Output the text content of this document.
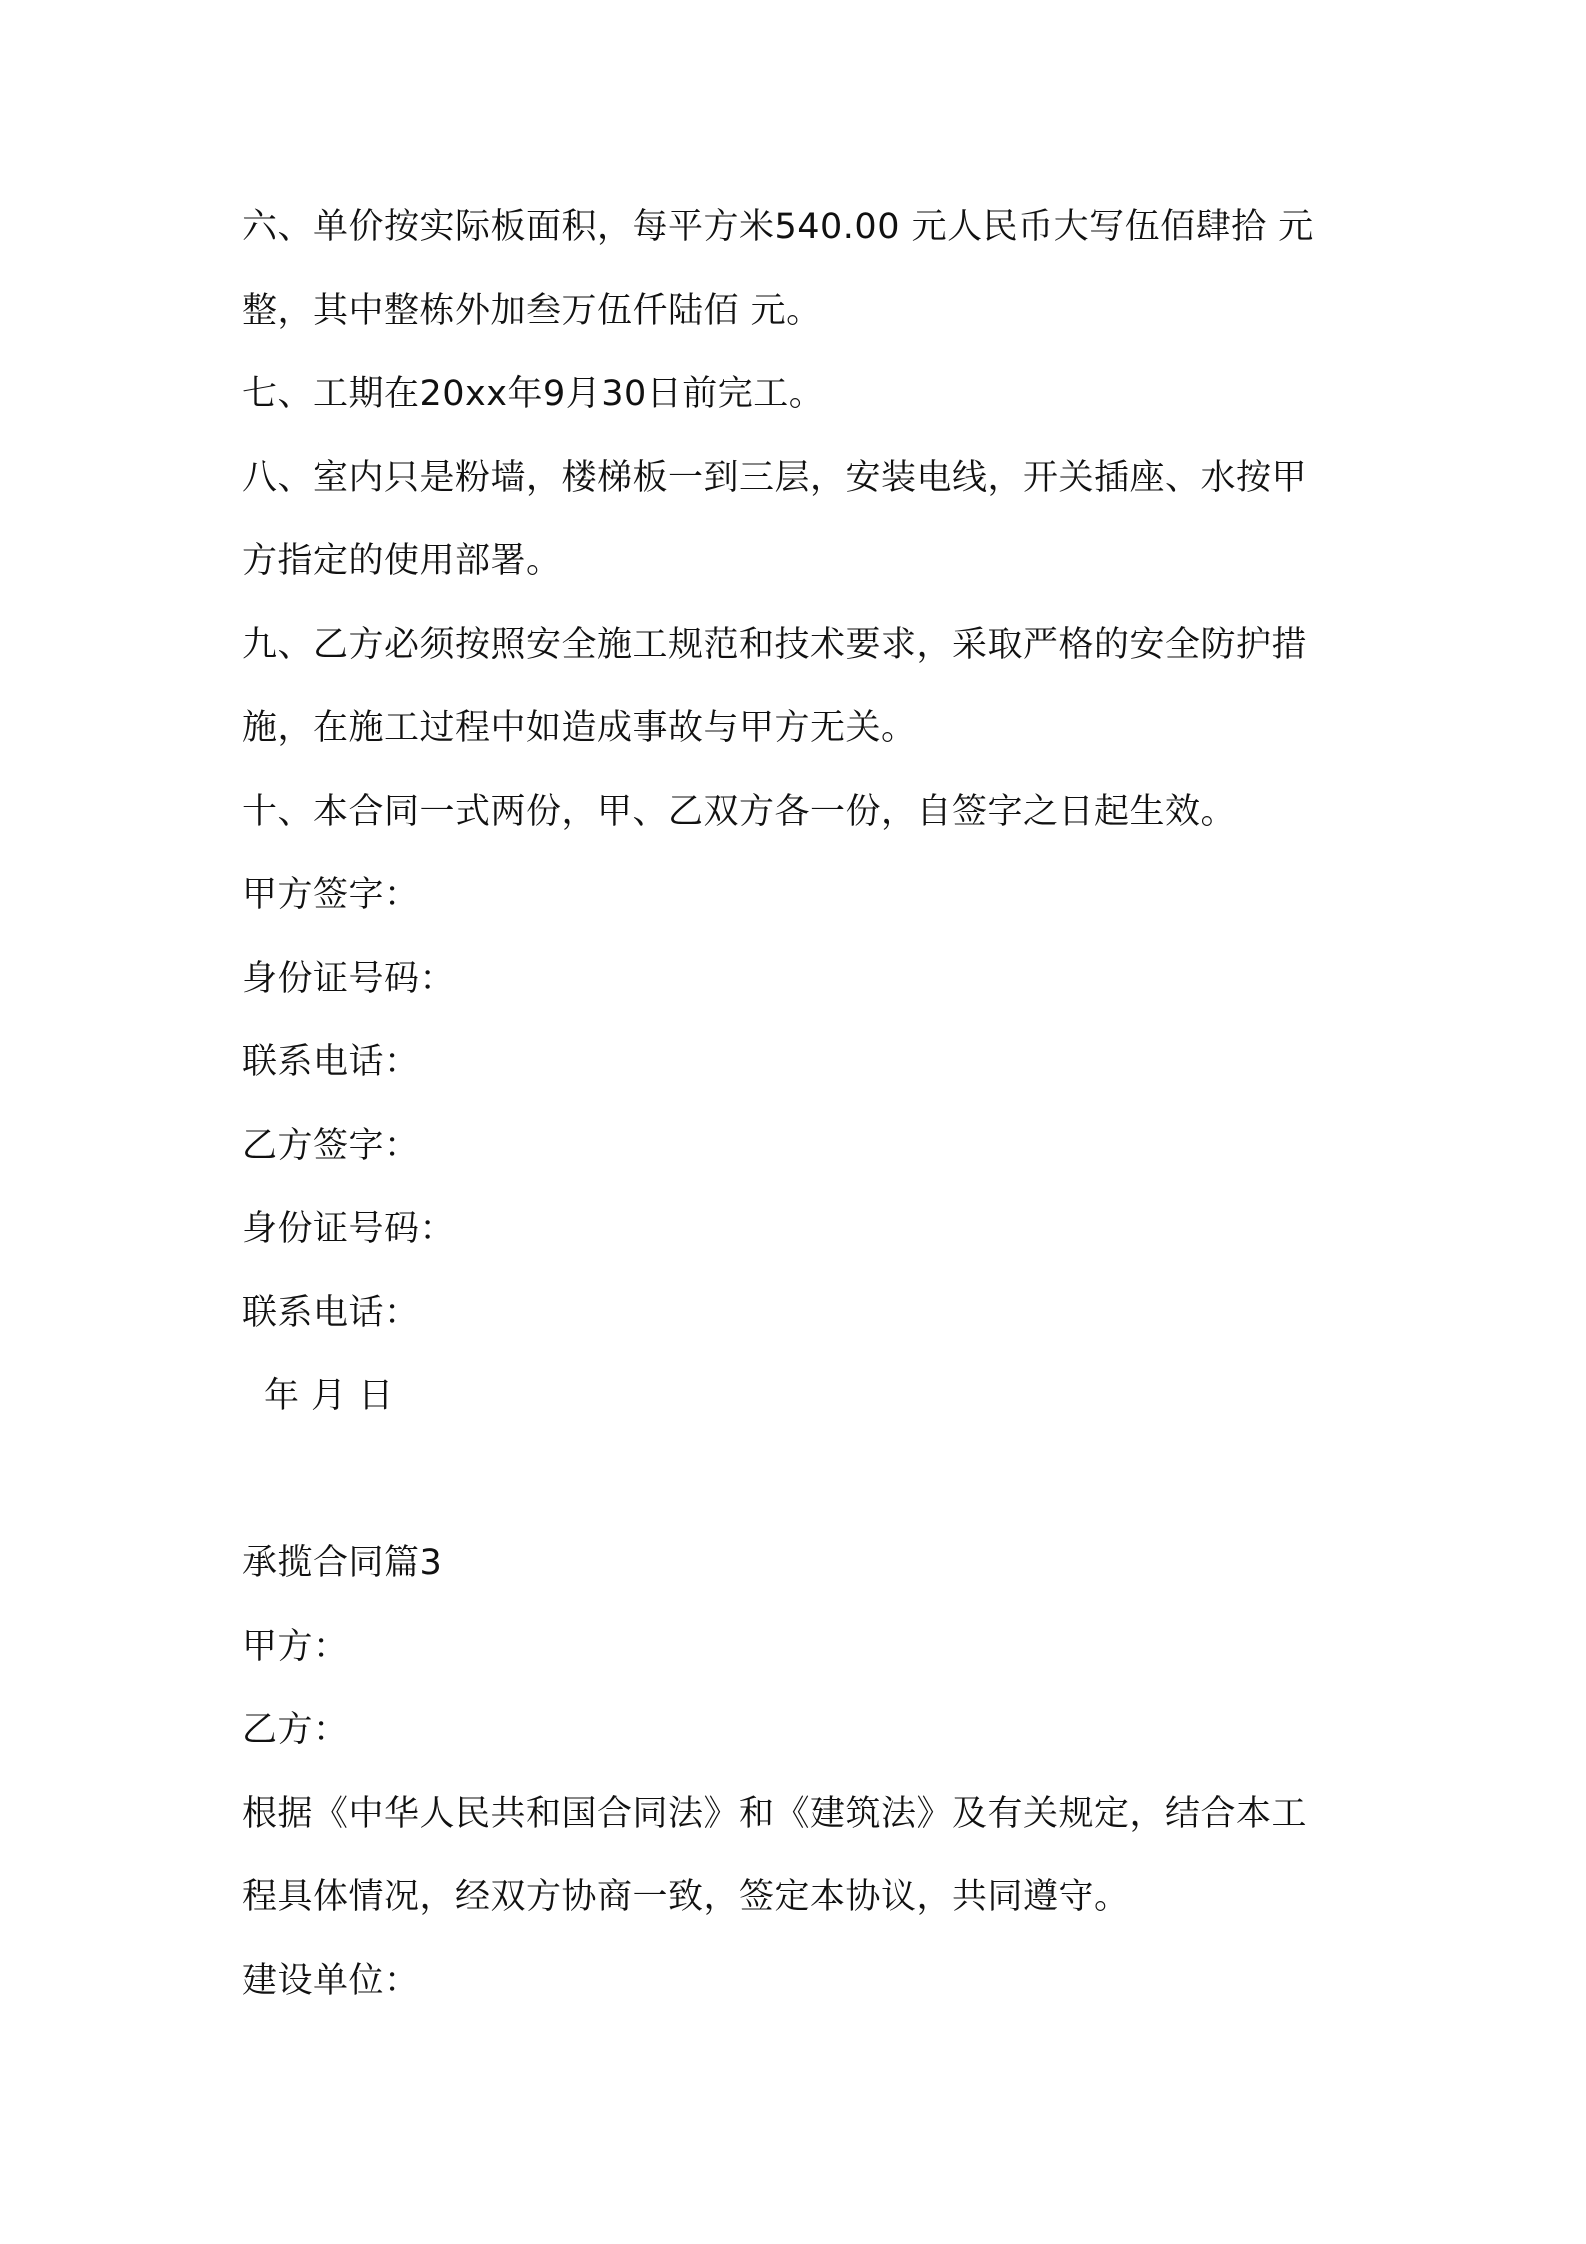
六、单价按实际板面积，每平方米540.00 元人民币大写伍佰肆拾 元
整，其中整栋外加叁万伍仟陆佰 元。
七、工期在20xx年9月30日前完工。
八、室内只是粉墙，楼梯板一到三层，安装电线，开关插座、水按甲
方指定的使用部署。
九、乙方必须按照安全施工规范和技术要求，采取严格的安全防护措
施，在施工过程中如造成事故与甲方无关。
十、本合同一式两份，甲、乙双方各一份，自签字之日起生效。
甲方签字：
身份证号码：
联系电话：
乙方签字：
身份证号码：
联系电话：
年 月 日
承揽合同篇3
甲方：
乙方：
根据《中华人民共和国合同法》和《建筑法》及有关规定，结合本工
程具体情况，经双方协商一致，签定本协议，共同遵守。
建设单位：
